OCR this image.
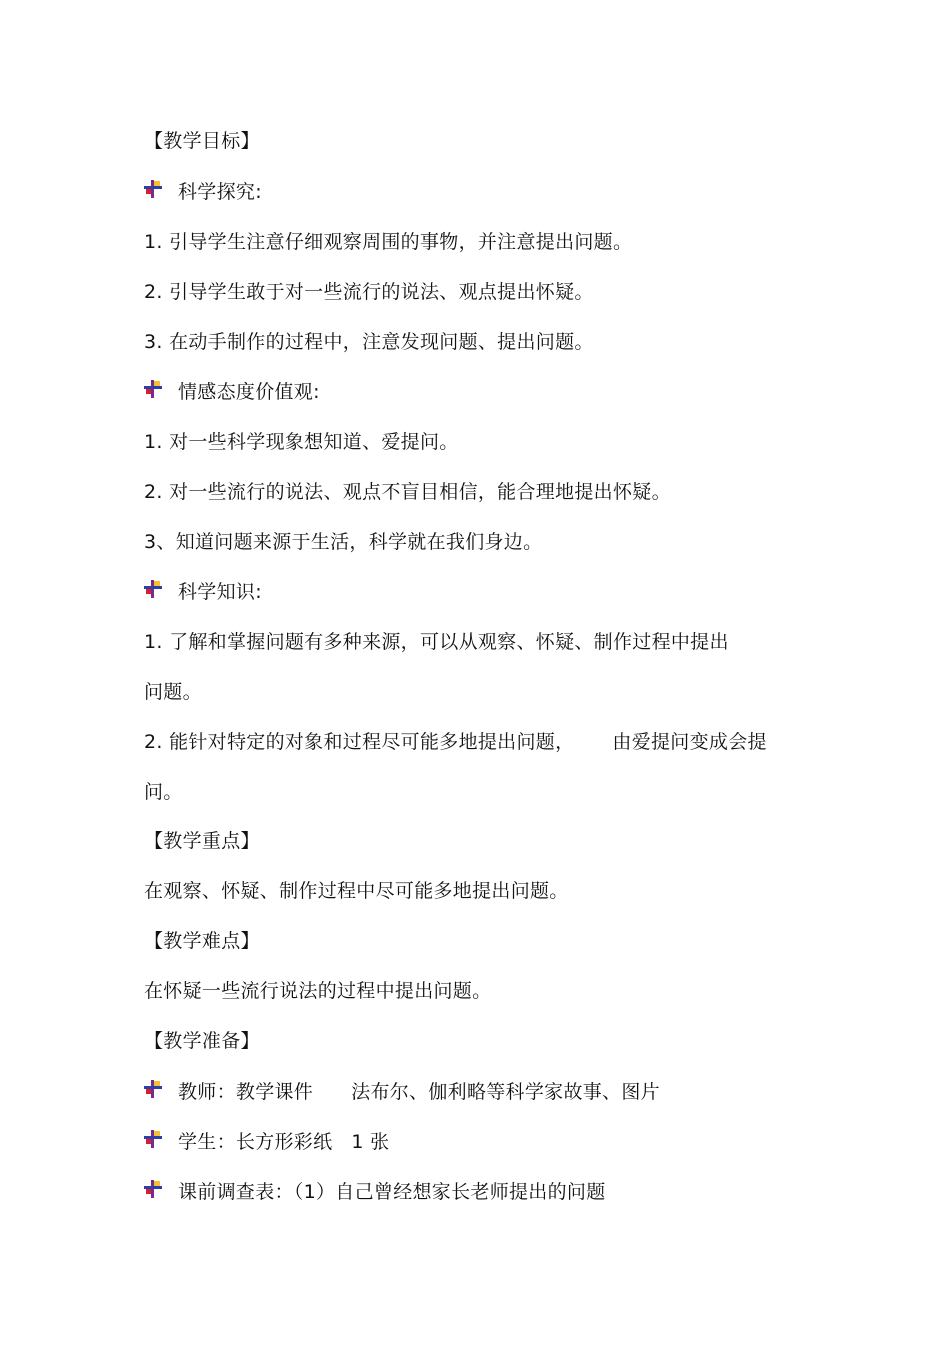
【教学目标】
科学探究:
1. 引导学生注意仔细观察周围的事物，并注意提出问题。
2. 引导学生敢于对一些流行的说法、观点提出怀疑。
3. 在动手制作的过程中，注意发现问题、提出问题。
情感态度价值观:
1. 对一些科学现象想知道、爱提问。
2. 对一些流行的说法、观点不盲目相信，能合理地提出怀疑。
3、知道问题来源于生活，科学就在我们身边。
科学知识:
1. 了解和掌握问题有多种来源，可以从观察、怀疑、制作过程中提出
问题。
2. 能针对特定的对象和过程尽可能多地提出问题，      由爱提问变成会提
问。
【教学重点】
在观察、怀疑、制作过程中尽可能多地提出问题。
【教学难点】
在怀疑一些流行说法的过程中提出问题。
【教学准备】
教师：教学课件      法布尔、伽利略等科学家故事、图片
学生：长方形彩纸   1 张
课前调查表：（1）自己曾经想家长老师提出的问题
